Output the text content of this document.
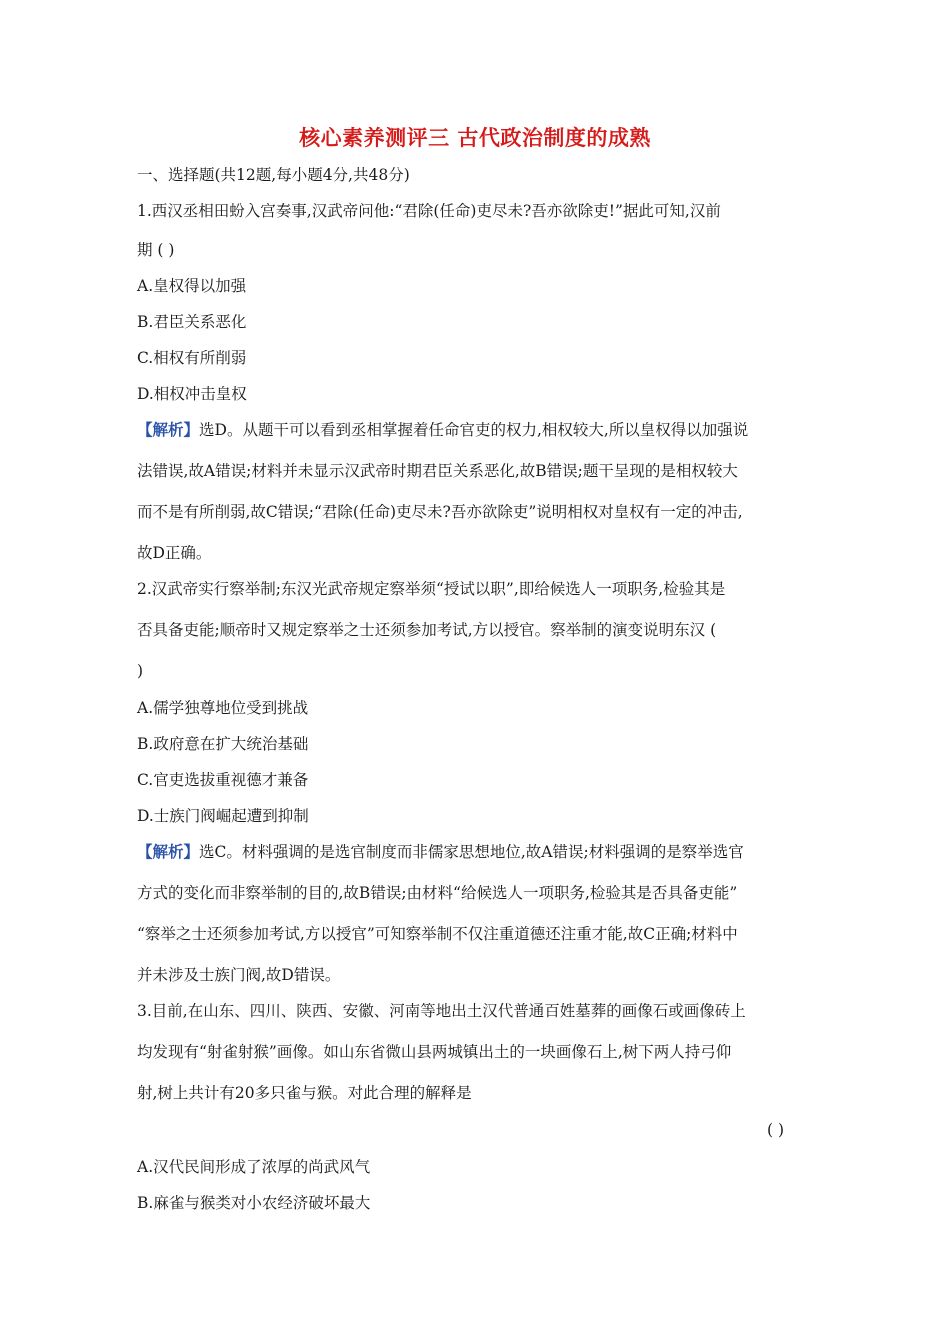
核心素养测评三 古代政治制度的成熟
一、选择题(共12题,每小题4分,共48分)
1.西汉丞相田蚡入宫奏事,汉武帝问他:“君除(任命)吏尽未?吾亦欲除吏!”据此可知,汉前
期 ( )
A.皇权得以加强
B.君臣关系恶化
C.相权有所削弱
D.相权冲击皇权
【解析】选D。从题干可以看到丞相掌握着任命官吏的权力,相权较大,所以皇权得以加强说
法错误,故A错误;材料并未显示汉武帝时期君臣关系恶化,故B错误;题干呈现的是相权较大
而不是有所削弱,故C错误;“君除(任命)吏尽未?吾亦欲除吏”说明相权对皇权有一定的冲击,
故D正确。
2.汉武帝实行察举制;东汉光武帝规定察举须“授试以职”,即给候选人一项职务,检验其是
否具备吏能;顺帝时又规定察举之士还须参加考试,方以授官。察举制的演变说明东汉 (
)
A.儒学独尊地位受到挑战
B.政府意在扩大统治基础
C.官吏选拔重视德才兼备
D.士族门阀崛起遭到抑制
【解析】选C。材料强调的是选官制度而非儒家思想地位,故A错误;材料强调的是察举选官
方式的变化而非察举制的目的,故B错误;由材料“给候选人一项职务,检验其是否具备吏能”
“察举之士还须参加考试,方以授官”可知察举制不仅注重道德还注重才能,故C正确;材料中
并未涉及士族门阀,故D错误。
3.目前,在山东、四川、陕西、安徽、河南等地出土汉代普通百姓墓葬的画像石或画像砖上
均发现有“射雀射猴”画像。如山东省微山县两城镇出土的一块画像石上,树下两人持弓仰
射,树上共计有20多只雀与猴。对此合理的解释是
( )
A.汉代民间形成了浓厚的尚武风气
B.麻雀与猴类对小农经济破坏最大
